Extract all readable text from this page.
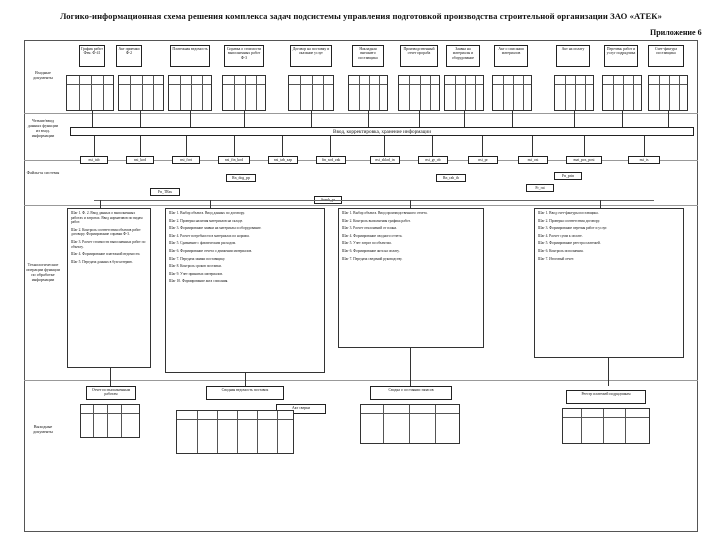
Логико-информационная схема решения комплекса задач подсистемы управления подготовкой производства строительной организации ЗАО «АТЕК»
Приложение 6
Входные документы
Чтение/ввод данных функции из вход. информации
Файлы-ы системы
Технологические операции функции по обработке информации
Выходные документы
График работ Фзм. Ф-41
Акт приемки Ф-2
Платежная ведомость	Справка о стоимости выполненных работ Ф-3
Договор на поставку и оказание услуг
Накладная внешнего поставщика
Производственный отчет прораба
Заявка на материалы и оборудование
Акт о списании материалов
Акт на оплату	Перечень работ и услуг подрядчика
Счет-фактура поставщика
Ввод, корректировка, хранение информации
nsi_tab	nsi_kod	nsi_fort	nsi_fin_kod	nsi_tab_zap	fin_sod_zak	nsi_sklad_in	nsi_gr_ob	nsi_pr	nsi_ost	mat_pos_post	nsi_ts
Fn_TRas
Rn_dog_pp	Rn_rab_tb	Fn_prin
Fr_rat

Шаг 1. Ф. 2. Ввод данных о выполненных работах и затратах. Ввод нормативов по видам работ.

Шаг 2. Контроль соответствия объемов работ договору. Формирование справки Ф-3.

Шаг 3. Расчет стоимости выполненных работ по объекту.

Шаг 4. Формирование платежной ведомости.

Шаг 5. Передача данных в бухгалтерию.

Шаг 1. Выбор объекта. Ввод данных по договору.

Шаг 2. Проверка наличия материалов на складе.

Шаг 3. Формирование заявки на материалы и оборудование.

Шаг 4. Расчет потребности в материалах по нормам.

Шаг 5. Сравнение с фактическим расходом.

Шаг 6. Формирование отчета о движении материалов.

Шаг 7. Передача заявки поставщику.

Шаг 8. Контроль сроков поставки.

Шаг 9. Учет принятых материалов.

Шаг 10. Формирование акта списания.

Шаг 1. Выбор объекта. Ввод производственного отчета.

Шаг 2. Контроль выполнения графика работ.

Шаг 3. Расчет отклонений от плана.

Шаг 4. Формирование сводного отчета.

Шаг 5. Учет затрат по объектам.

Шаг 6. Формирование акта на оплату.

Шаг 7. Передача сведений руководству.

Шаг 1. Ввод счет-фактуры поставщика.

Шаг 2. Проверка соответствия договору.

Шаг 3. Формирование перечня работ и услуг.

Шаг 4. Расчет сумм к оплате.

Шаг 5. Формирование реестра платежей.

Шаг 6. Контроль исполнения.

Шаг 7. Итоговый отчет.

Отчет по выполненным работам
Сводная ведомость поставок	Сводка о состоянии запасов
Реестр платежей подрядчикам
Акт сверки
